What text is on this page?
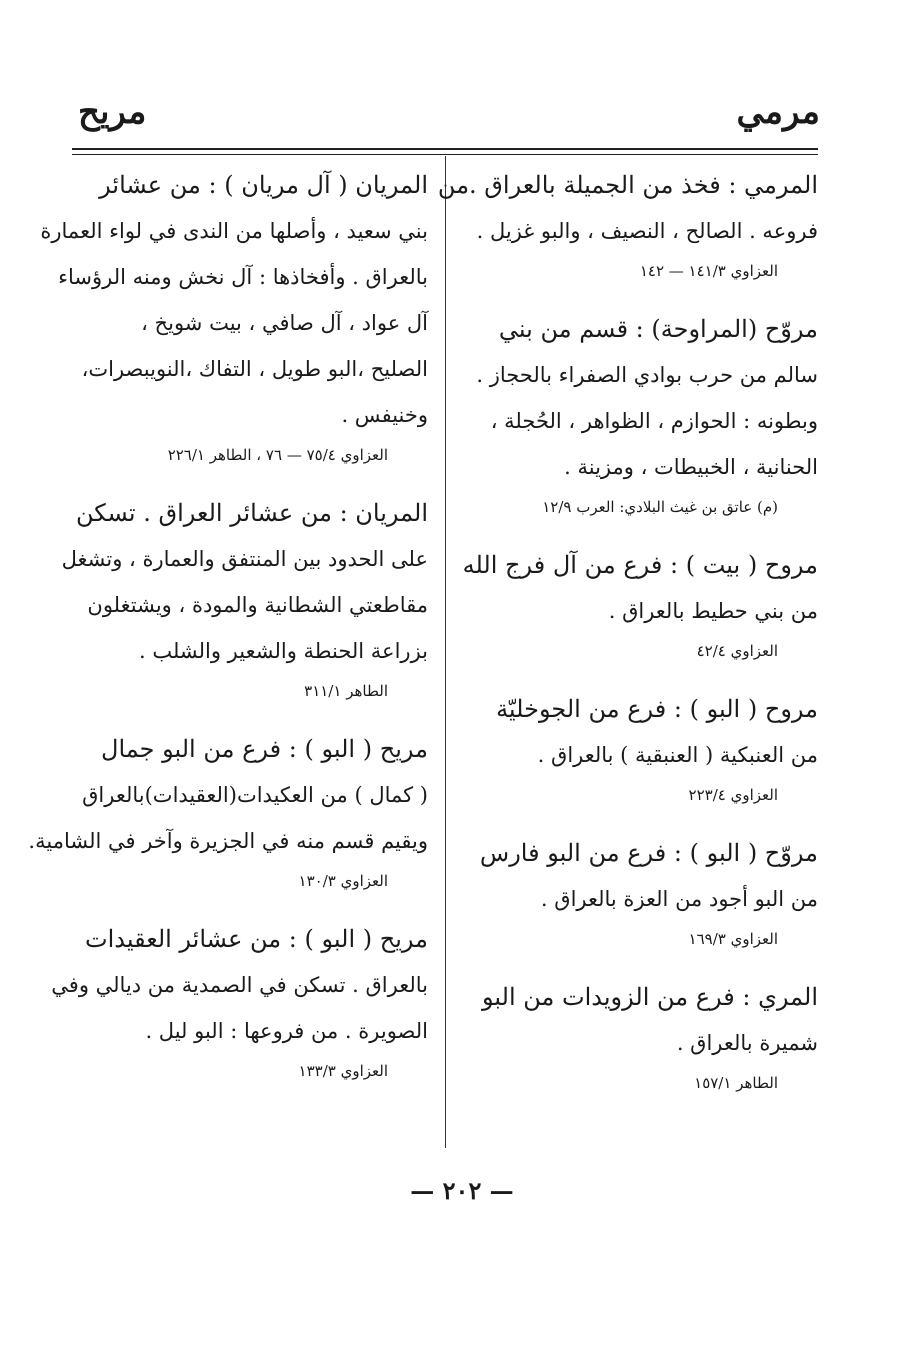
مرمي
مريح
المرمي : فخذ من الجميلة بالعراق .من
فروعه . الصالح ، النصيف ، والبو غزيل .
العزاوي ١٤١/٣ — ١٤٢
مروّح (المراوحة) : قسم من بني
سالم من حرب بوادي الصفراء بالحجاز .
وبطونه : الحوازم ، الظواهر ، الحُجلة ،
الحنانية ، الخبيطات ، ومزينة .
(م) عاتق بن غيث البلادي: العرب ١٢/٩
مروح ( بيت ) : فرع من آل فرج الله
من بني حطيط بالعراق .
العزاوي ٤٢/٤
مروح ( البو ) : فرع من الجوخليّة
من العنبكية ( العنبقية ) بالعراق .
العزاوي ٢٢٣/٤
مروّح ( البو ) : فرع من البو فارس
من البو أجود من العزة بالعراق .
العزاوي ١٦٩/٣
المري : فرع من الزويدات من البو
شميرة بالعراق .
الطاهر ١٥٧/١
المريان ( آل مريان ) : من عشائر
بني سعيد ، وأصلها من الندى في لواء العمارة
بالعراق . وأفخاذها : آل نخش ومنه الرؤساء
آل عواد ، آل صافي ، بيت شويخ ،
الصليح ،البو طويل ، التفاك ،النويبصرات،
وخنيفس .
العزاوي ٧٥/٤ — ٧٦ ، الطاهر ٢٢٦/١
المريان : من عشائر العراق . تسكن
على الحدود بين المنتفق والعمارة ، وتشغل
مقاطعتي الشطانية والمودة ، ويشتغلون
بزراعة الحنطة والشعير والشلب .
الطاهر ٣١١/١
مريح ( البو ) : فرع من البو جمال
( كمال ) من العكيدات(العقيدات)بالعراق
ويقيم قسم منه في الجزيرة وآخر في الشامية.
العزاوي ١٣٠/٣
مريح ( البو ) : من عشائر العقيدات
بالعراق . تسكن في الصمدية من ديالي وفي
الصويرة . من فروعها : البو ليل .
العزاوي ١٣٣/٣
— ٢٠٢ —
